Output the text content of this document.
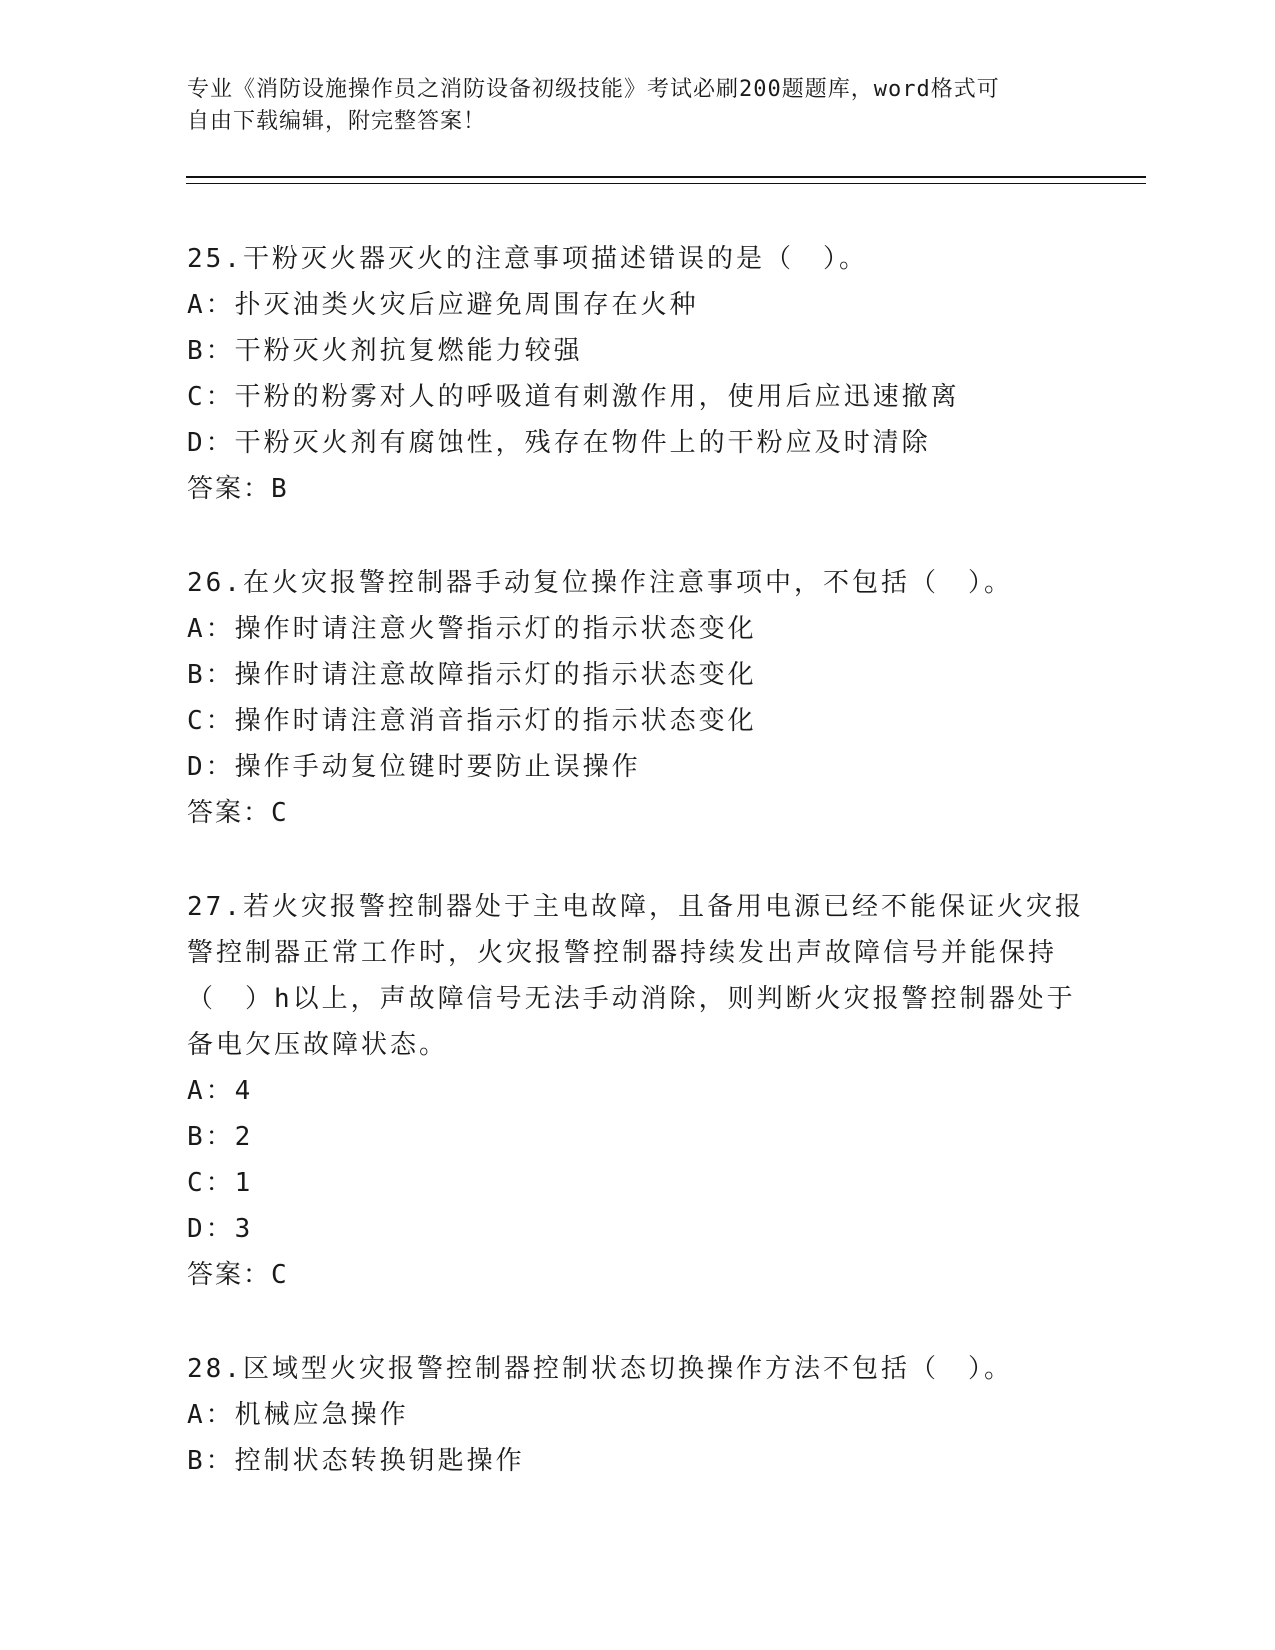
专业《消防设施操作员之消防设备初级技能》考试必刷200题题库，word格式可
自由下载编辑，附完整答案！
25.干粉灭火器灭火的注意事项描述错误的是（　）。
A：扑灭油类火灾后应避免周围存在火种
B：干粉灭火剂抗复燃能力较强
C：干粉的粉雾对人的呼吸道有刺激作用，使用后应迅速撤离
D：干粉灭火剂有腐蚀性，残存在物件上的干粉应及时清除
答案：B
26.在火灾报警控制器手动复位操作注意事项中，不包括（　）。
A：操作时请注意火警指示灯的指示状态变化
B：操作时请注意故障指示灯的指示状态变化
C：操作时请注意消音指示灯的指示状态变化
D：操作手动复位键时要防止误操作
答案：C
27.若火灾报警控制器处于主电故障，且备用电源已经不能保证火灾报警控制器正常工作时，火灾报警控制器持续发出声故障信号并能保持（　）h以上，声故障信号无法手动消除，则判断火灾报警控制器处于备电欠压故障状态。
A：4
B：2
C：1
D：3
答案：C
28.区域型火灾报警控制器控制状态切换操作方法不包括（　）。
A：机械应急操作
B：控制状态转换钥匙操作
